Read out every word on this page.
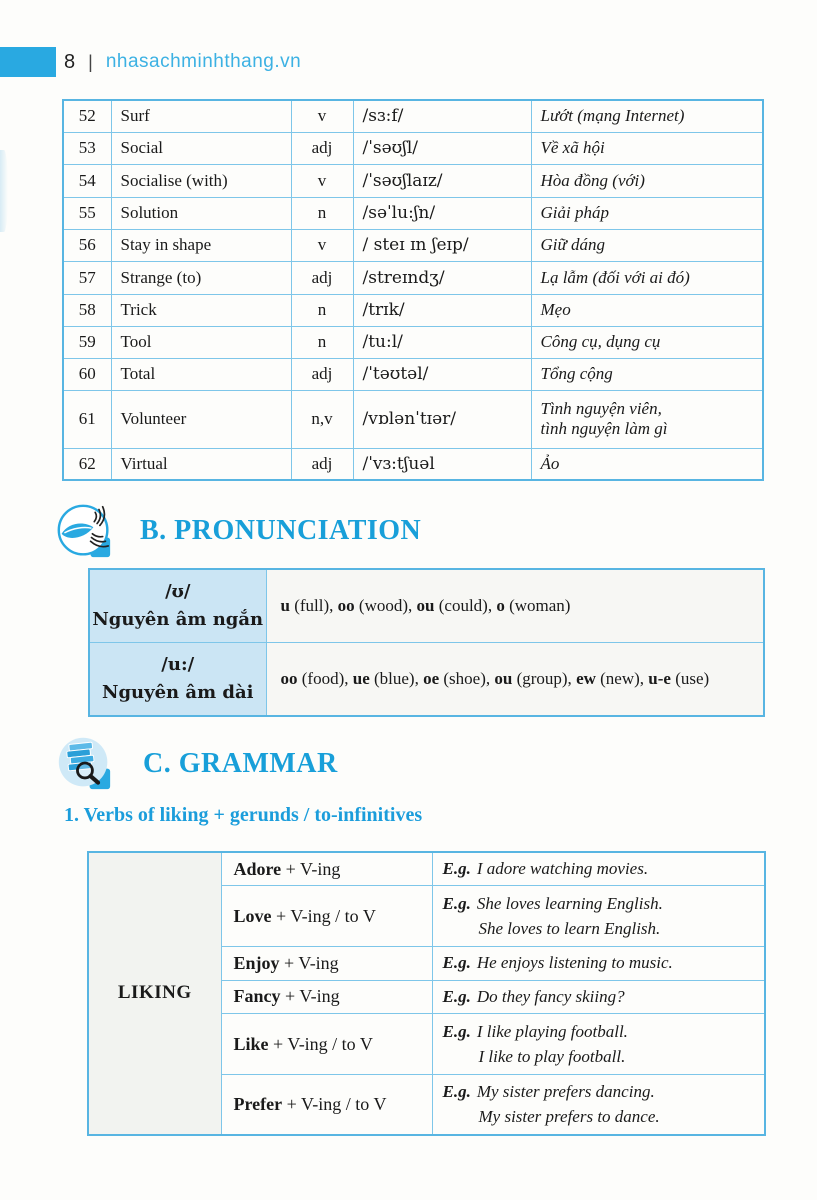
8 | nhasachminhthang.vn
52	Surf	v	/sɜ:f/	Lướt (mạng Internet)

53	Social	adj	/ˈsəʊʃl/	Về xã hội

54	Socialise (with)	v	/ˈsəʊʃlaɪz/	Hòa đồng (với)

55	Solution	n	/səˈlu:ʃn/	Giải pháp

56	Stay in shape	v	/ steɪ ɪn ʃeɪp/	Giữ dáng

57	Strange (to)	adj	/streɪndʒ/	Lạ lẫm (đối với ai đó)

58	Trick	n	/trɪk/	Mẹo

59	Tool	n	/tu:l/	Công cụ, dụng cụ

60	Total	adj	/ˈtəʊtəl/	Tổng cộng

61	Volunteer	n,v	/vɒlənˈtɪər/	Tình nguyện viên,
tình nguyện làm gì

62	Virtual	adj	/ˈvɜ:tʃuəl	Ảo
B. PRONUNCIATION
/ʊ/
Nguyên âm ngắn	u (full), oo (wood), ou (could), o (woman)

/u:/
Nguyên âm dài	oo (food), ue (blue), oe (shoe), ou (group), ew (new), u-e (use)
C. GRAMMAR
1. Verbs of liking + gerunds / to-infinitives
LIKING	Adore + V-ing	E.g. I adore watching movies.

	Love + V-ing / to V	E.g. She loves learning English.
She loves to learn English.

	Enjoy + V-ing	E.g. He enjoys listening to music.

	Fancy + V-ing	E.g. Do they fancy skiing?

	Like + V-ing / to V	E.g. I like playing football.
I like to play football.

	Prefer + V-ing / to V	E.g. My sister prefers dancing.
My sister prefers to dance.
